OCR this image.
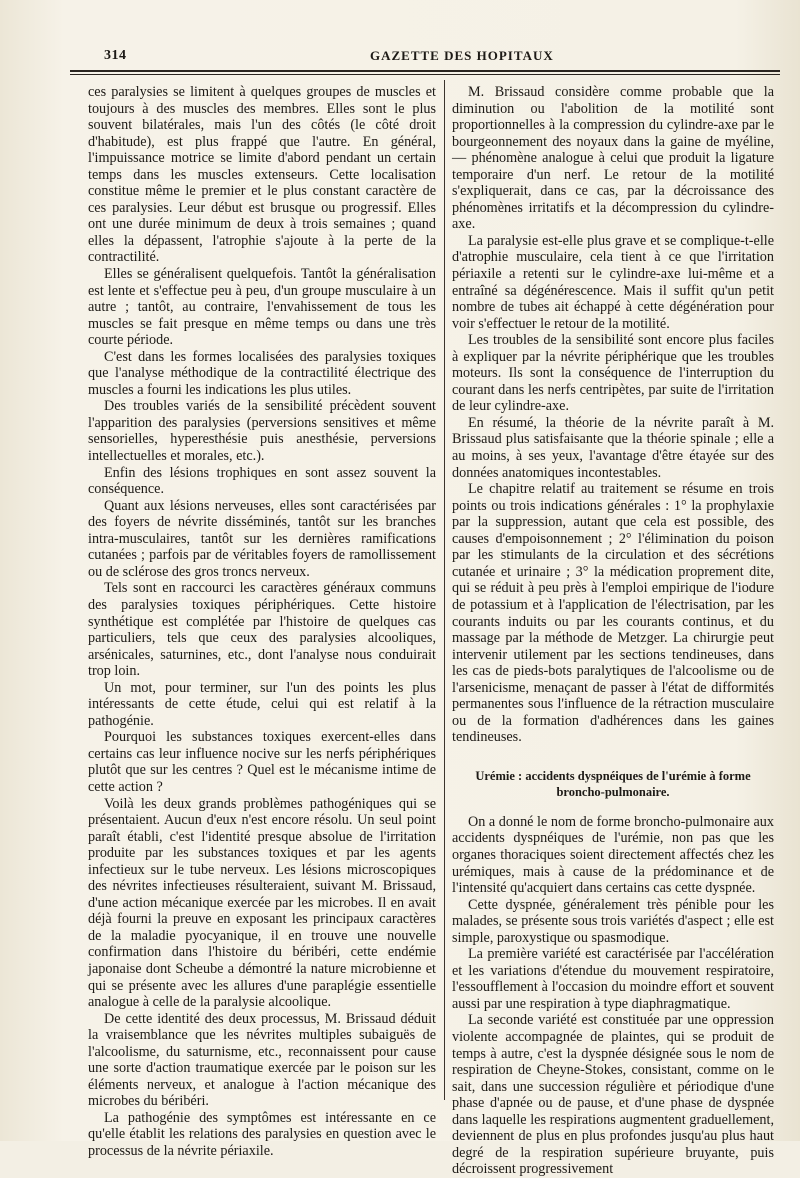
314	GAZETTE DES HOPITAUX

ces paralysies se limitent à quelques groupes de muscles et toujours à des muscles des membres. Elles sont le plus souvent bilatérales, mais l'un des côtés (le côté droit d'habitude), est plus frappé que l'autre. En général, l'impuissance motrice se limite d'abord pendant un certain temps dans les muscles extenseurs. Cette localisation constitue même le premier et le plus constant caractère de ces paralysies. Leur début est brusque ou progressif. Elles ont une durée minimum de deux à trois semaines ; quand elles la dépassent, l'atrophie s'ajoute à la perte de la contractilité.

Elles se généralisent quelquefois. Tantôt la généralisation est lente et s'effectue peu à peu, d'un groupe musculaire à un autre ; tantôt, au contraire, l'envahissement de tous les muscles se fait presque en même temps ou dans une très courte période.

C'est dans les formes localisées des paralysies toxiques que l'analyse méthodique de la contractilité électrique des muscles a fourni les indications les plus utiles.

Des troubles variés de la sensibilité précèdent souvent l'apparition des paralysies (perversions sensitives et même sensorielles, hyperesthésie puis anesthésie, perversions intellectuelles et morales, etc.).

Enfin des lésions trophiques en sont assez souvent la conséquence.

Quant aux lésions nerveuses, elles sont caractérisées par des foyers de névrite disséminés, tantôt sur les branches intra-musculaires, tantôt sur les dernières ramifications cutanées ; parfois par de véritables foyers de ramollissement ou de sclérose des gros troncs nerveux.

Tels sont en raccourci les caractères généraux communs des paralysies toxiques périphériques. Cette histoire synthétique est complétée par l'histoire de quelques cas particuliers, tels que ceux des paralysies alcooliques, arsénicales, saturnines, etc., dont l'analyse nous conduirait trop loin.

Un mot, pour terminer, sur l'un des points les plus intéressants de cette étude, celui qui est relatif à la pathogénie.

Pourquoi les substances toxiques exercent-elles dans certains cas leur influence nocive sur les nerfs périphériques plutôt que sur les centres ? Quel est le mécanisme intime de cette action ?

Voilà les deux grands problèmes pathogéniques qui se présentaient. Aucun d'eux n'est encore résolu. Un seul point paraît établi, c'est l'identité presque absolue de l'irritation produite par les substances toxiques et par les agents infectieux sur le tube nerveux. Les lésions microscopiques des névrites infectieuses résulteraient, suivant M. Brissaud, d'une action mécanique exercée par les microbes. Il en avait déjà fourni la preuve en exposant les principaux caractères de la maladie pyocyanique, il en trouve une nouvelle confirmation dans l'histoire du béribéri, cette endémie japonaise dont Scheube a démontré la nature microbienne et qui se présente avec les allures d'une paraplégie essentielle analogue à celle de la paralysie alcoolique.

De cette identité des deux processus, M. Brissaud déduit la vraisemblance que les névrites multiples subaiguës de l'alcoolisme, du saturnisme, etc., reconnaissent pour cause une sorte d'action traumatique exercée par le poison sur les éléments nerveux, et analogue à l'action mécanique des microbes du béribéri.

La pathogénie des symptômes est intéressante en ce qu'elle établit les relations des paralysies en question avec le processus de la névrite périaxile.

M. Brissaud considère comme probable que la diminution ou l'abolition de la motilité sont proportionnelles à la compression du cylindre-axe par le bourgeonnement des noyaux dans la gaine de myéline, — phénomène analogue à celui que produit la ligature temporaire d'un nerf. Le retour de la motilité s'expliquerait, dans ce cas, par la décroissance des phénomènes irritatifs et la décompression du cylindre-axe.

La paralysie est-elle plus grave et se complique-t-elle d'atrophie musculaire, cela tient à ce que l'irritation périaxile a retenti sur le cylindre-axe lui-même et a entraîné sa dégénérescence. Mais il suffit qu'un petit nombre de tubes ait échappé à cette dégénération pour voir s'effectuer le retour de la motilité.

Les troubles de la sensibilité sont encore plus faciles à expliquer par la névrite périphérique que les troubles moteurs. Ils sont la conséquence de l'interruption du courant dans les nerfs centripètes, par suite de l'irritation de leur cylindre-axe.

En résumé, la théorie de la névrite paraît à M. Brissaud plus satisfaisante que la théorie spinale ; elle a au moins, à ses yeux, l'avantage d'être étayée sur des données anatomiques incontestables.

Le chapitre relatif au traitement se résume en trois points ou trois indications générales : 1° la prophylaxie par la suppression, autant que cela est possible, des causes d'empoisonnement ; 2° l'élimination du poison par les stimulants de la circulation et des sécrétions cutanée et urinaire ; 3° la médication proprement dite, qui se réduit à peu près à l'emploi empirique de l'iodure de potassium et à l'application de l'électrisation, par les courants induits ou par les courants continus, et du massage par la méthode de Metzger. La chirurgie peut intervenir utilement par les sections tendineuses, dans les cas de pieds-bots paralytiques de l'alcoolisme ou de l'arsenicisme, menaçant de passer à l'état de difformités permanentes sous l'influence de la rétraction musculaire ou de la formation d'adhérences dans les gaines tendineuses.

Urémie : accidents dyspnéiques de l'urémie à forme
broncho-pulmonaire.

On a donné le nom de forme broncho-pulmonaire aux accidents dyspnéiques de l'urémie, non pas que les organes thoraciques soient directement affectés chez les urémiques, mais à cause de la prédominance et de l'intensité qu'acquiert dans certains cas cette dyspnée.

Cette dyspnée, généralement très pénible pour les malades, se présente sous trois variétés d'aspect ; elle est simple, paroxystique ou spasmodique.

La première variété est caractérisée par l'accélération et les variations d'étendue du mouvement respiratoire, l'essoufflement à l'occasion du moindre effort et souvent aussi par une respiration à type diaphragmatique.

La seconde variété est constituée par une oppression violente accompagnée de plaintes, qui se produit de temps à autre, c'est la dyspnée désignée sous le nom de respiration de Cheyne-Stokes, consistant, comme on le sait, dans une succession régulière et périodique d'une phase d'apnée ou de pause, et d'une phase de dyspnée dans laquelle les respirations augmentent graduellement, deviennent de plus en plus profondes jusqu'au plus haut degré de la respiration supérieure bruyante, puis décroissent progressivement
